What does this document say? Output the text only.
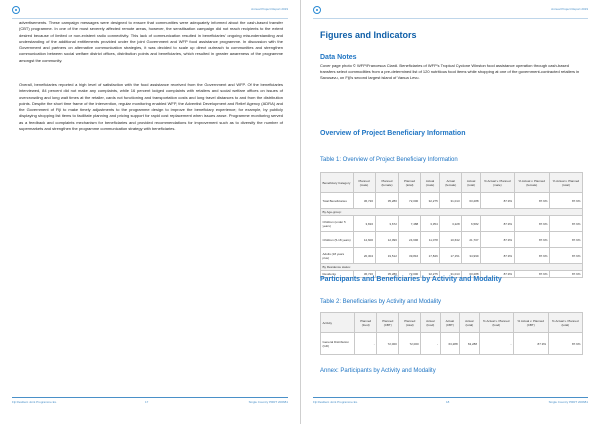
Annual Project Report 2019
advertisements. These campaign messages were designed to ensure that communities were adequately informed about the cash-based transfer (CBT) programme. In one of the most severely affected remote areas, however, the sensitisation campaign did not reach recipients to the extent desired because of limited or non-existent radio connectivity. This lack of communication resulted in beneficiaries' ongoing misunderstanding and understanding of the additional entitlements provided under the joint Government and WFP food assistance programme. In discussion with the Government and partners on alternative communication strategies, it was decided to scale up direct outreach to communities and strengthen communication between social welfare district offices, distribution points and beneficiaries, which resulted in greater awareness of the programme amongst the community.
Overall, beneficiaries reported a high level of satisfaction with the food assistance received from the Government and WFP. Of the beneficiaries interviewed, 84 percent did not make any complaints, while 16 percent lodged complaints with retailers and social welfare offices on issues of overcrowding and long wait times at the retailer, cards not functioning and transportation costs and long travel distances to and from the distribution points. Despite the short time frame of the intervention, regular monitoring enabled WFP, the Adventist Development and Relief Agency (ADRA) and the Government of Fiji to make timely adjustments to the programme design to improve the beneficiary experience; for example, by publicly displaying shopping list items to facilitate planning and pricing support for rapid cost replacement when issues arose. Programme monitoring served as a feedback and complaints mechanism for beneficiaries and provided recommendations for improvement such as to diversify the number of supermarkets and strengthen the programme communication strategy with beneficiaries.
Fiji Resilient Joint Programme Ex.	17	Single Country PRRT 200681
Annual Project Report 2019
Figures and Indicators
Data Notes
Cover page photo © WFP/Francesca Ciardi. Beneficiaries of WFP's Tropical Cyclone Winston food assistance operation through cash-based transfers select commodities from a pre-determined list of 120 nutritious food items while shopping at one of the government-contracted retailers in Savusavu, on Fiji's second largest island of Vanua Levu.
Overview of Project Beneficiary Information
Table 1: Overview of Project Beneficiary Information
Beneficiary Category	Planned (male)	Planned (female)	Planned (total)	Actual (male)	Actual (female)	Actual (total)	% Actual v. Planned (male)	% Actual v. Planned (female)	% Actual v. Planned (total)
Total Beneficiaries	36,720	35,280	72,000	32,275	31,013	63,288	87.9%	87.9%	87.9%
By Age-group:									
Children (under 5 years)	3,816	3,672	7,488	3,354	3,228	6,582	87.9%	87.9%	87.9%
Children (5-18 years)	12,600	12,096	24,696	11,078	10,632	21,707	87.9%	87.9%	87.9%
Adults (18 years plus)	20,304	19,512	39,816	17,846	17,151	34,999	87.9%	87.9%	87.9%
By Residence status:									
Residents	36,720	35,280	72,000	32,275	31,013	63,288	87.9%	87.9%	87.9%
Participants and Beneficiaries by Activity and Modality
Table 2: Beneficiaries by Activity and Modality
Activity	Planned (food)	Planned (CBT)	Planned (total)	Actual (food)	Actual (CBT)	Actual (total)	% Actual v. Planned (food)	% Actual v. Planned (CBT)	% Actual v. Planned (total)
General Distribution (GD)	-	72,000	72,000	-	63,288	63,288	-	87.9%	87.9%
Annex: Participants by Activity and Modality
Fiji Resilient Joint Programme Ex.	18	Single Country PRRT 200681
